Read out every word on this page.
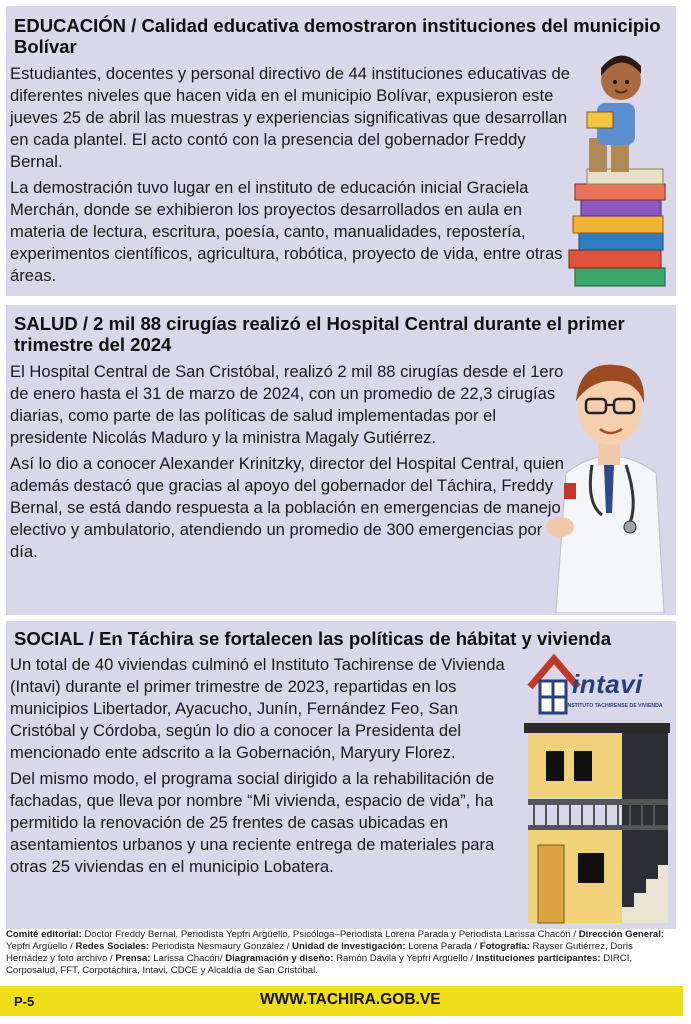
EDUCACIÓN / Calidad educativa demostraron instituciones del municipio Bolívar

Estudiantes, docentes y personal directivo de 44 instituciones educativas de diferentes niveles que hacen vida en el municipio Bolívar, expusieron este jueves 25 de abril las muestras y experiencias significativas que desarrollan en cada plantel. El acto contó con la presencia del gobernador Freddy Bernal.

La demostración tuvo lugar en el instituto de educación inicial Graciela Merchán, donde se exhibieron los proyectos desarrollados en aula en materia de lectura, escritura, poesía, canto, manualidades, repostería, experimentos científicos, agricultura, robótica, proyecto de vida, entre otras áreas.

SALUD / 2 mil 88 cirugías realizó el Hospital Central durante el primer trimestre del 2024

El Hospital Central de San Cristóbal, realizó 2 mil 88 cirugías desde el 1ero de enero hasta el 31 de marzo de 2024, con un promedio de 22,3 cirugías diarias, como parte de las políticas de salud implementadas por el presidente Nicolás Maduro y la ministra Magaly Gutiérrez.

Así lo dio a conocer Alexander Krinitzky, director del Hospital Central, quien además destacó que gracias al apoyo del gobernador del Táchira, Freddy Bernal, se está dando respuesta a la población en emergencias de manejo electivo y ambulatorio, atendiendo un promedio de 300 emergencias por día.

SOCIAL / En Táchira se fortalecen las políticas de hábitat y vivienda

Un total de 40 viviendas culminó el Instituto Tachirense de Vivienda (Intavi) durante el primer trimestre de 2023, repartidas en los municipios Libertador, Ayacucho, Junín, Fernández Feo, San Cristóbal y Córdoba, según lo dio a conocer la Presidenta del mencionado ente adscrito a la Gobernación, Maryury Florez.

Del mismo modo, el programa social dirigido a la rehabilitación de fachadas, que lleva por nombre “Mi vivienda, espacio de vida”, ha permitido la renovación de 25 frentes de casas ubicadas en asentamientos urbanos y una reciente entrega de materiales para otras 25 viviendas en el municipio Lobatera.

intavi
INSTITUTO TACHIRENSE DE VIVIENDA
Comité editorial: Doctor Freddy Bernal, Periodista Yepfri Argüello, Psicóloga–Periodista Lorena Parada y Periodista Larissa Chacón / Dirección General: Yepfri Argüello / Redes Sociales: Periodista Nesmaury González / Unidad de Investigación: Lorena Parada / Fotografía: Rayser Gutiérrez, Doris Hernádez y foto archivo / Prensa: Larissa Chacón/ Diagramación y diseño: Ramón Dávila y Yepfri Argüello / Instituciones participantes: DIRCI, Corposalud, FFT, Corpotáchira, Intavi, CDCE y Alcaldía de San Cristóbal.
P-5	WWW.TACHIRA.GOB.VE
